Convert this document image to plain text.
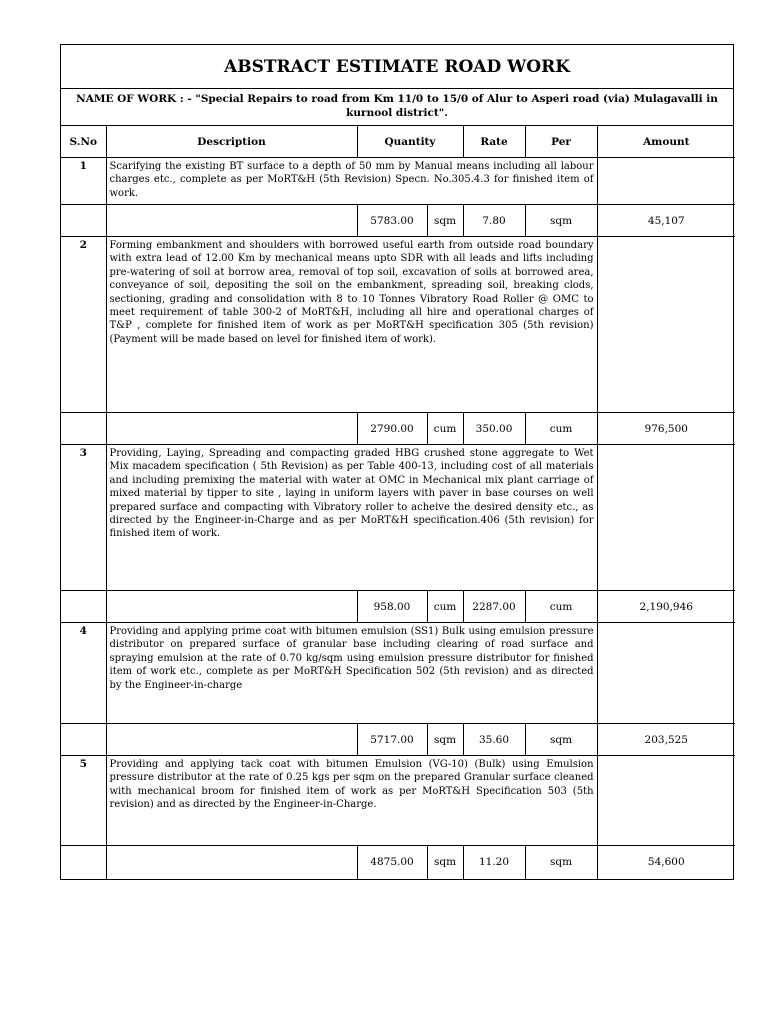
ABSTRACT ESTIMATE ROAD WORK
NAME OF WORK : - "Special Repairs to road from Km 11/0 to 15/0 of Alur to Asperi road (via) Mulagavalli in kurnool district".
S.No	Description	Quantity		Rate	Per	Amount
1	Scarifying the existing BT surface to a depth of 50 mm by Manual means including all labour charges etc., complete as per MoRT&H (5th Revision) Specn. No.305.4.3 for finished item of work.					
		5783.00	sqm	7.80	sqm	45,107
2	Forming embankment and shoulders with borrowed useful earth from outside road boundary with extra lead of 12.00 Km by mechanical means upto SDR with all leads and lifts including pre-watering of soil at borrow area, removal of top soil, excavation of soils at borrowed area, conveyance of soil, depositing the soil on the embankment, spreading soil, breaking clods, sectioning, grading and consolidation with 8 to 10 Tonnes Vibratory Road Roller @ OMC to meet requirement of table 300-2 of MoRT&H, including all hire and operational charges of T&P , complete for finished item of work as per MoRT&H specification 305 (5th revision) (Payment will be made based on level for finished item of work).					
		2790.00	cum	350.00	cum	976,500
3	Providing, Laying, Spreading and compacting graded HBG crushed stone aggregate to Wet Mix macadem specification ( 5th Revision) as per Table 400-13, including cost of all materials and including premixing the material with water at OMC in Mechanical mix plant carriage of mixed material by tipper to site , laying in uniform layers with paver in base courses on well prepared surface and compacting with Vibratory roller to acheive the desired density etc., as directed by the Engineer-in-Charge and as per MoRT&H specification.406 (5th revision) for finished item of work.					
		958.00	cum	2287.00	cum	2,190,946
4	Providing and applying prime coat with bitumen emulsion (SS1) Bulk using emulsion pressure distributor on prepared surface of granular base including clearing of road surface and spraying emulsion at the rate of 0.70 kg/sqm using emulsion pressure distributor for finished item of work etc., complete as per MoRT&H Specification 502 (5th revision) and as directed by the Engineer-in-charge					
		5717.00	sqm	35.60	sqm	203,525
5	Providing and applying tack coat with bitumen Emulsion (VG-10) (Bulk) using Emulsion pressure distributor at the rate of 0.25 kgs per sqm on the prepared Granular surface cleaned with mechanical broom for finished item of work as per MoRT&H Specification 503 (5th revision) and as directed by the Engineer-in-Charge.					
		4875.00	sqm	11.20	sqm	54,600
